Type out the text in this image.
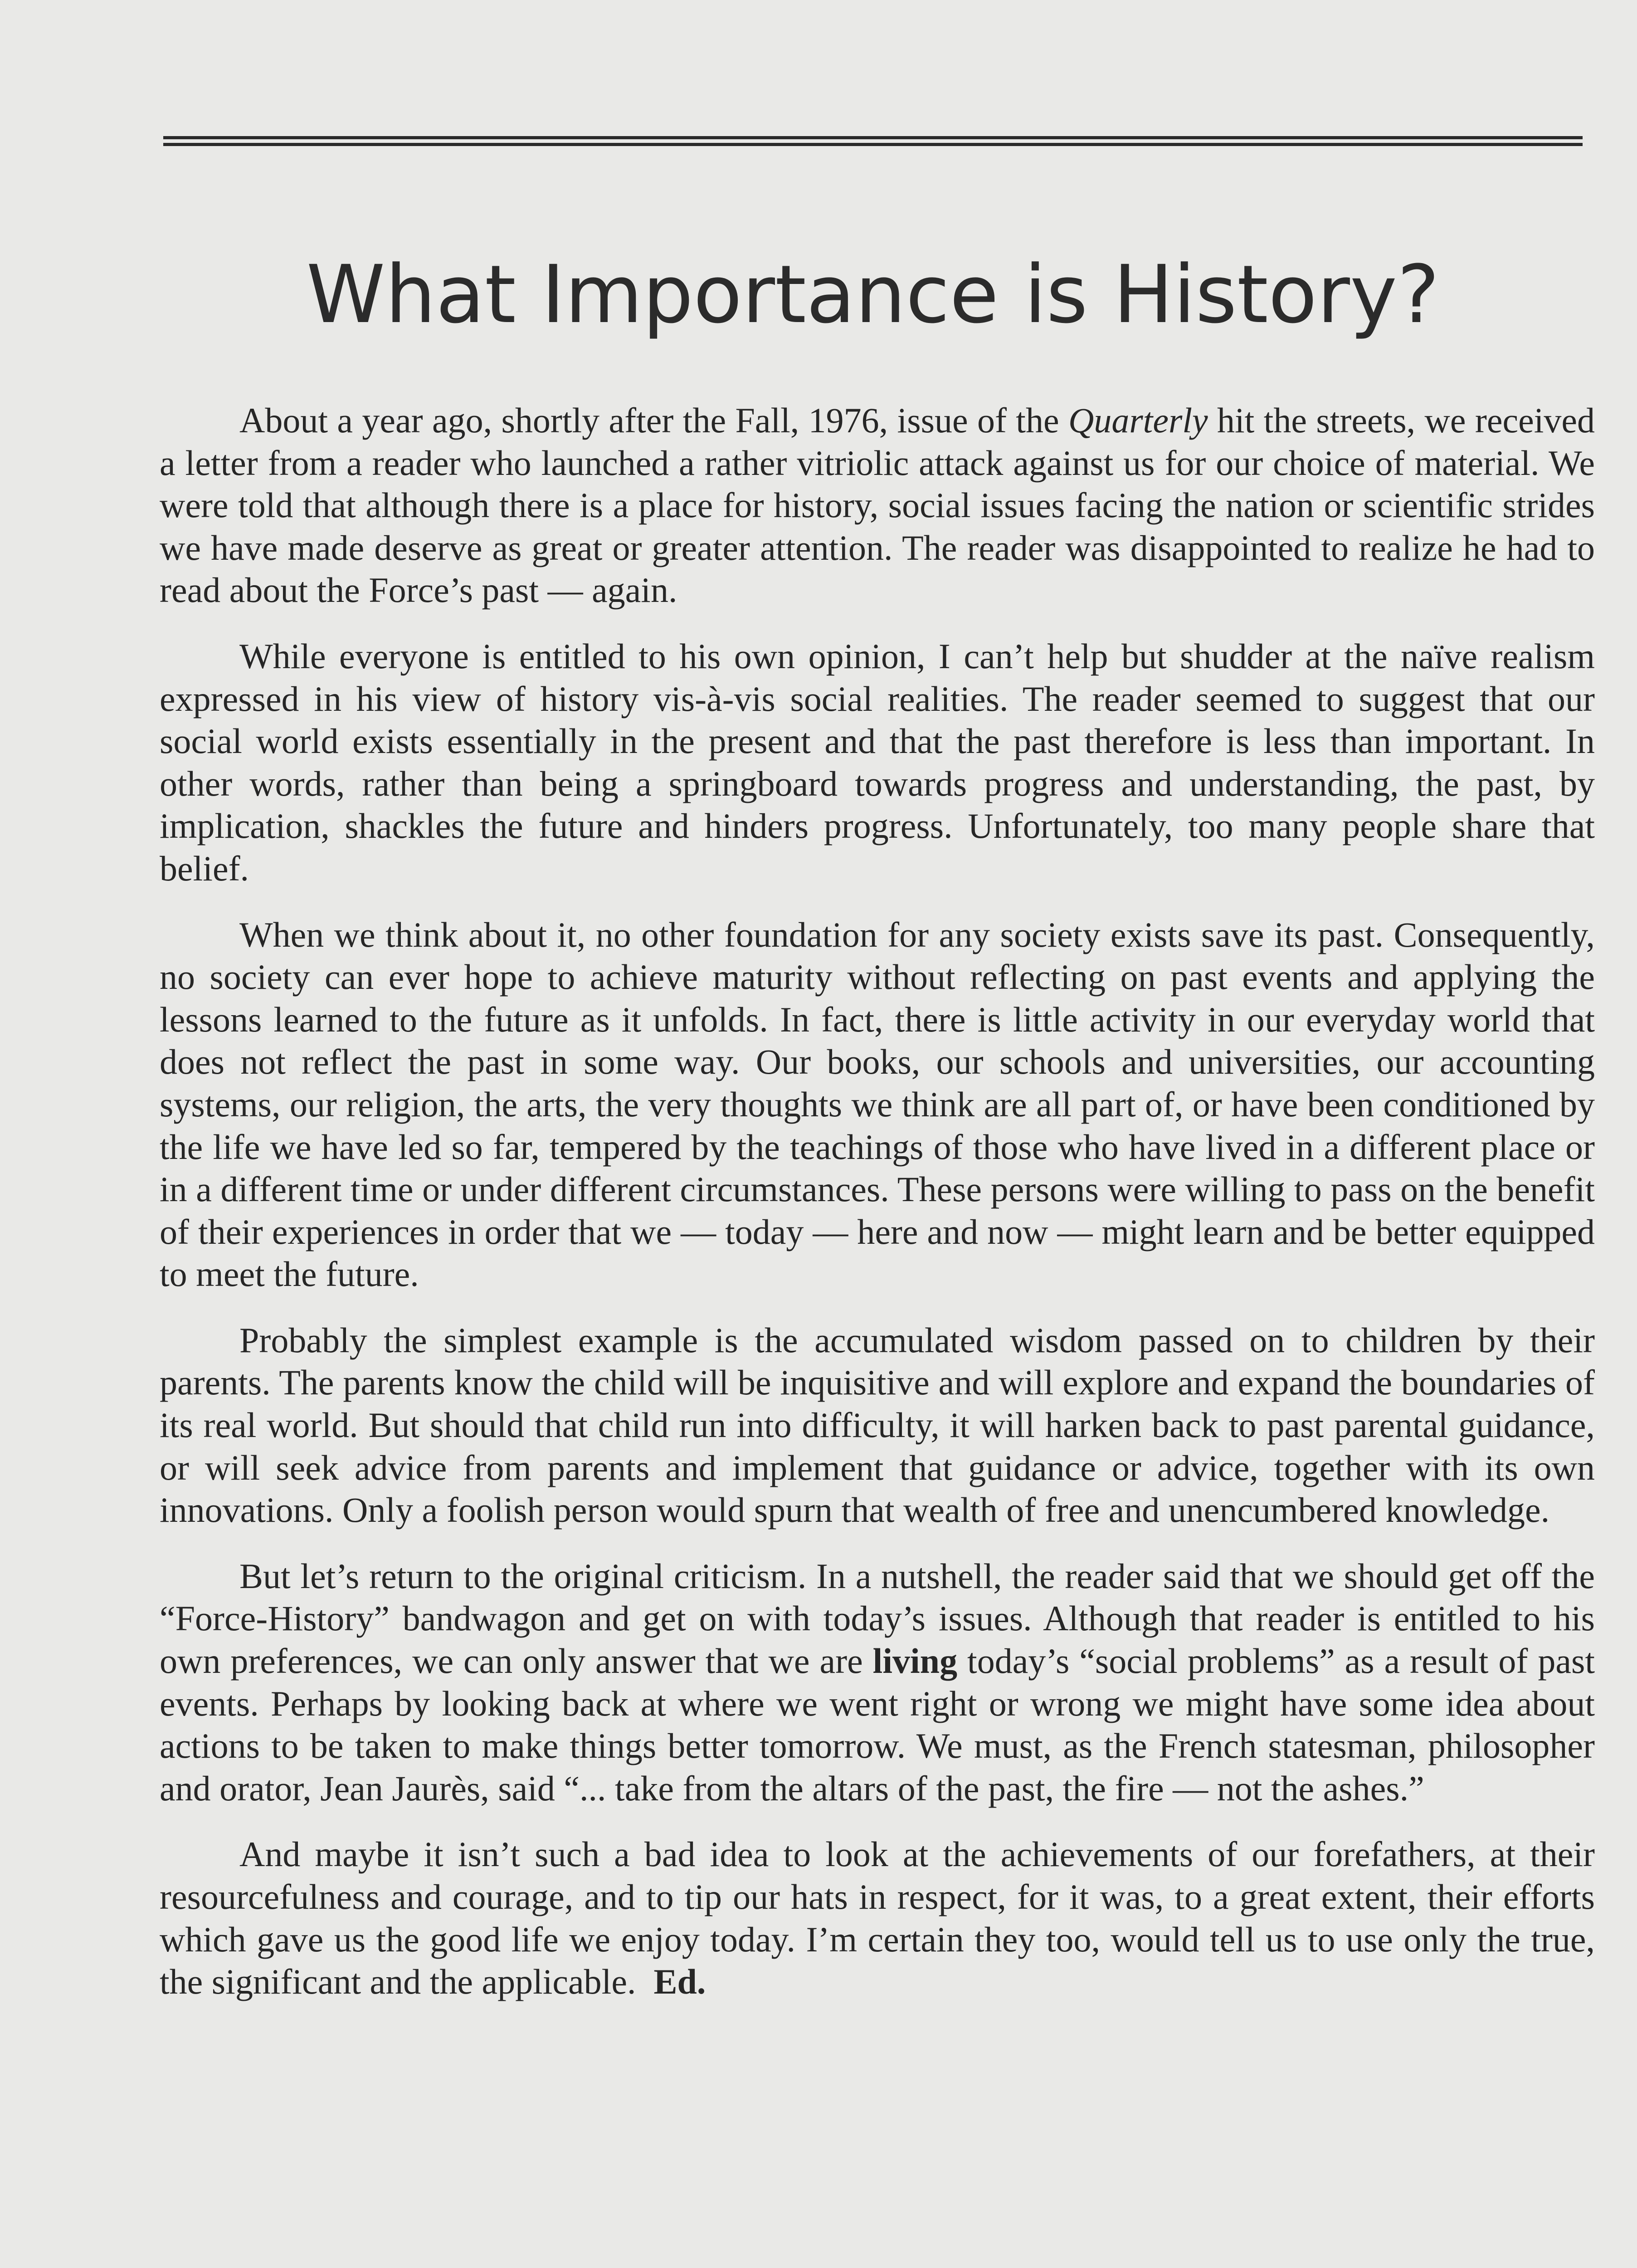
What Importance is History?

About a year ago, shortly after the Fall, 1976, issue of the Quarterly hit the streets, we received a letter from a reader who launched a rather vitriolic attack against us for our choice of material. We were told that although there is a place for history, social issues facing the nation or scientific strides we have made deserve as great or greater attention. The reader was disappointed to realize he had to read about the Force’s past — again.

While everyone is entitled to his own opinion, I can’t help but shudder at the naïve realism expressed in his view of history vis-à-vis social realities. The reader seemed to suggest that our social world exists essentially in the present and that the past therefore is less than important. In other words, rather than being a springboard towards progress and understanding, the past, by implication, shackles the future and hinders progress. Unfortunately, too many people share that belief.

When we think about it, no other foundation for any society exists save its past. Consequently, no society can ever hope to achieve maturity without reflecting on past events and applying the lessons learned to the future as it unfolds. In fact, there is little activity in our everyday world that does not reflect the past in some way. Our books, our schools and universities, our accounting systems, our religion, the arts, the very thoughts we think are all part of, or have been conditioned by the life we have led so far, tempered by the teachings of those who have lived in a different place or in a different time or under different circumstances. These persons were willing to pass on the benefit of their experiences in order that we — today — here and now — might learn and be better equipped to meet the future.

Probably the simplest example is the accumulated wisdom passed on to children by their parents. The parents know the child will be inquisitive and will explore and expand the boundaries of its real world. But should that child run into difficulty, it will harken back to past parental guidance, or will seek advice from parents and implement that guidance or advice, together with its own innovations. Only a foolish person would spurn that wealth of free and unencumbered knowledge.

But let’s return to the original criticism. In a nutshell, the reader said that we should get off the “Force-History” bandwagon and get on with today’s issues. Although that reader is entitled to his own preferences, we can only answer that we are living today’s “social problems” as a result of past events. Perhaps by looking back at where we went right or wrong we might have some idea about actions to be taken to make things better tomorrow. We must, as the French statesman, philosopher and orator, Jean Jaurès, said “... take from the altars of the past, the fire — not the ashes.”

And maybe it isn’t such a bad idea to look at the achievements of our forefathers, at their resourcefulness and courage, and to tip our hats in respect, for it was, to a great extent, their efforts which gave us the good life we enjoy today. I’m certain they too, would tell us to use only the true, the significant and the applicable. Ed.
